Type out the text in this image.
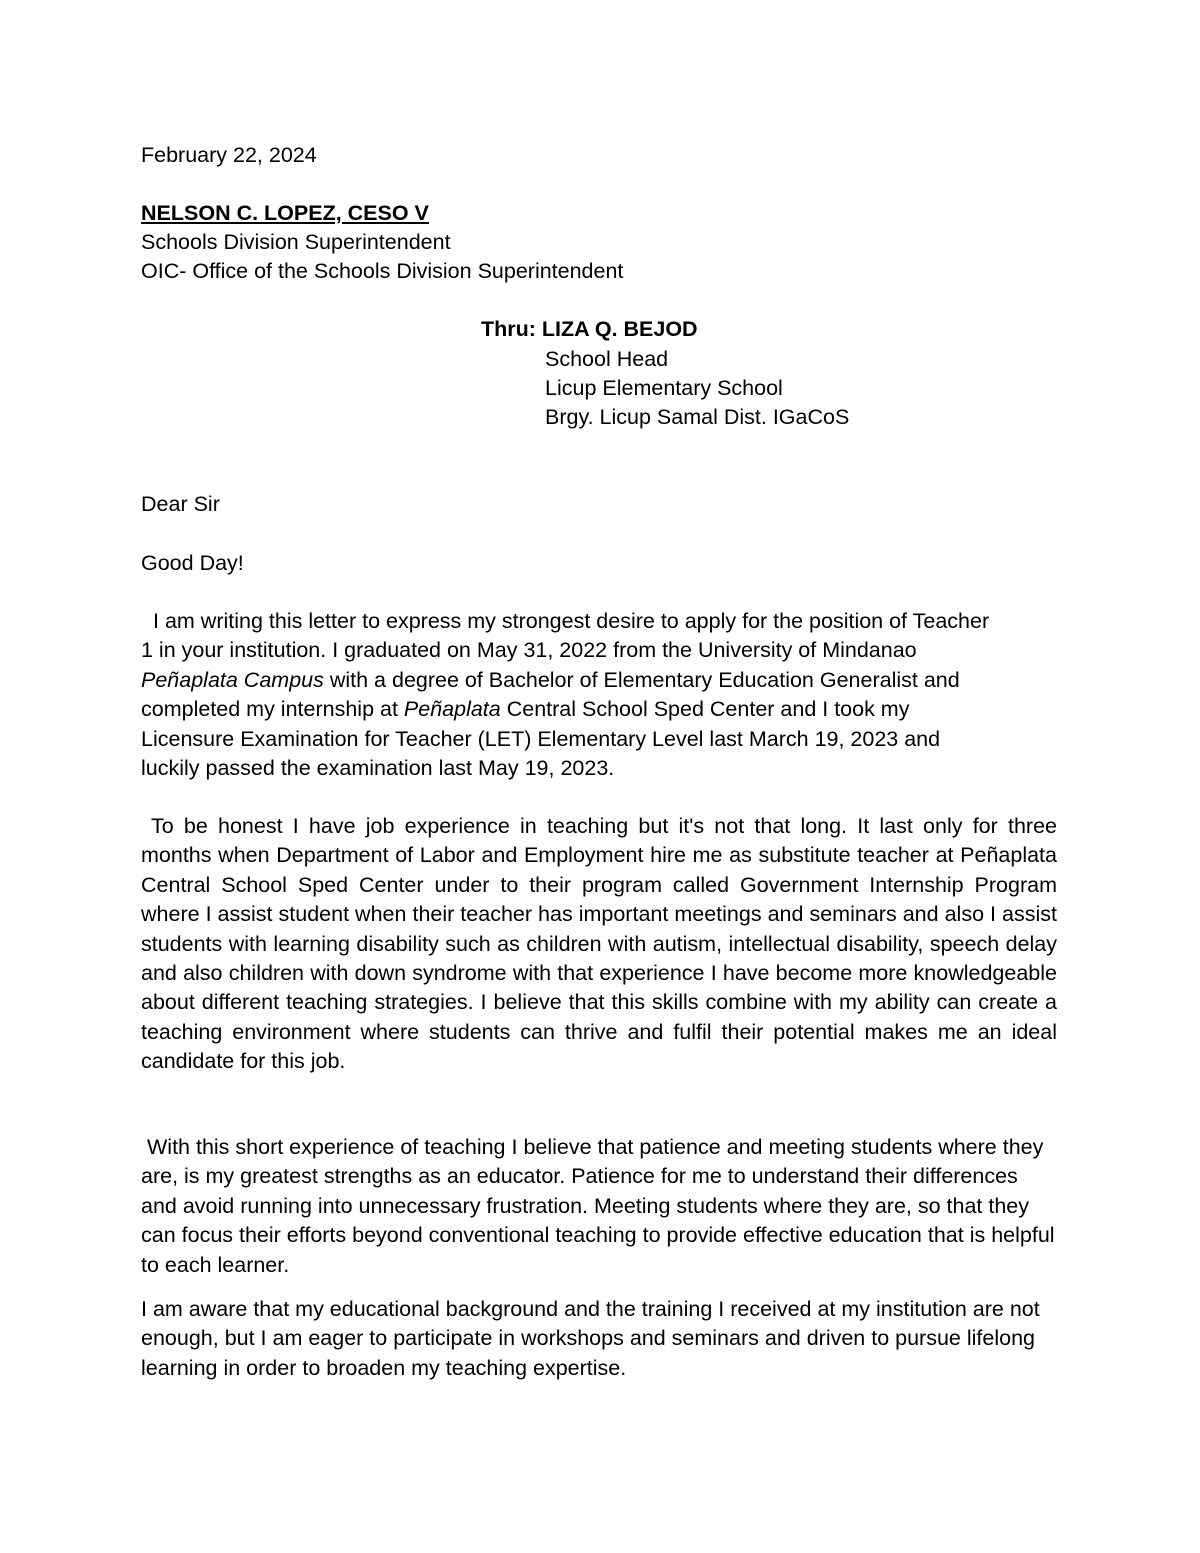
February 22, 2024
NELSON C. LOPEZ, CESO V
Schools Division Superintendent
OIC- Office of the Schools Division Superintendent
Thru: LIZA Q. BEJOD
School Head
Licup Elementary School
Brgy. Licup Samal Dist. IGaCoS
Dear Sir
Good Day!

I am writing this letter to express my strongest desire to apply for the position of Teacher 1 in your institution. I graduated on May 31, 2022 from the University of Mindanao Peñaplata Campus with a degree of Bachelor of Elementary Education Generalist and completed my internship at Peñaplata Central School Sped Center and I took my Licensure Examination for Teacher (LET) Elementary Level last March 19, 2023 and luckily passed the examination last May 19, 2023.

To be honest I have job experience in teaching but it's not that long. It last only for three months when Department of Labor and Employment hire me as substitute teacher at Peñaplata Central School Sped Center under to their program called Government Internship Program where I assist student when their teacher has important meetings and seminars and also I assist students with learning disability such as children with autism, intellectual disability, speech delay and also children with down syndrome with that experience I have become more knowledgeable about different teaching strategies. I believe that this skills combine with my ability can create a teaching environment where students can thrive and fulfil their potential makes me an ideal candidate for this job.

With this short experience of teaching I believe that patience and meeting students where they are, is my greatest strengths as an educator. Patience for me to understand their differences and avoid running into unnecessary frustration. Meeting students where they are, so that they can focus their efforts beyond conventional teaching to provide effective education that is helpful to each learner.

I am aware that my educational background and the training I received at my institution are not enough, but I am eager to participate in workshops and seminars and driven to pursue lifelong learning in order to broaden my teaching expertise.
